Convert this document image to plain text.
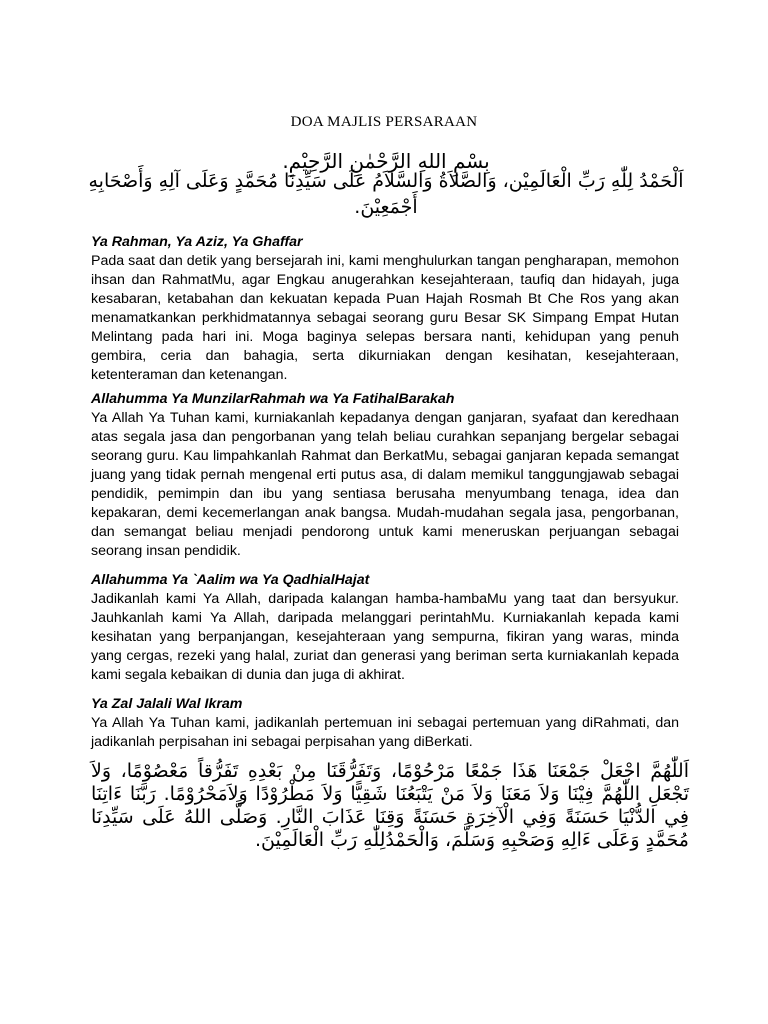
DOA MAJLIS PERSARAAN
بِسْمِ اللهِ الرَّحْمٰنِ الرَّحِيْمِ.
اَلْحَمْدُ لِلّٰهِ رَبِّ الْعَالَمِيْن، وَالصَّلاَةُ وَالسَّلاَمُ عَلَى سَيِّدِنَا مُحَمَّدٍ وَعَلَى آلِهِ وَأَصْحَابِهِ أَجْمَعِيْنَ.
Ya Rahman, Ya Aziz, Ya Ghaffar

Pada saat dan detik yang bersejarah ini, kami menghulurkan tangan pengharapan, memohon ihsan dan RahmatMu, agar Engkau anugerahkan kesejahteraan, taufiq dan hidayah, juga kesabaran, ketabahan dan kekuatan kepada Puan Hajah Rosmah Bt Che Ros yang akan menamatkankan perkhidmatannya sebagai seorang guru Besar SK Simpang Empat Hutan Melintang pada hari ini. Moga baginya selepas bersara nanti, kehidupan yang penuh gembira, ceria dan bahagia, serta dikurniakan dengan kesihatan, kesejahteraan, ketenteraman dan ketenangan.

Allahumma Ya MunzilarRahmah wa Ya FatihalBarakah

Ya Allah Ya Tuhan kami, kurniakanlah kepadanya dengan ganjaran, syafaat dan keredhaan atas segala jasa dan pengorbanan yang telah beliau curahkan sepanjang bergelar sebagai seorang guru. Kau limpahkanlah Rahmat dan BerkatMu, sebagai ganjaran kepada semangat juang yang tidak pernah mengenal erti putus asa, di dalam memikul tanggungjawab sebagai pendidik, pemimpin dan ibu yang sentiasa berusaha menyumbang tenaga, idea dan kepakaran, demi kecemerlangan anak bangsa. Mudah-mudahan segala jasa, pengorbanan, dan semangat beliau menjadi pendorong untuk kami meneruskan perjuangan sebagai seorang insan pendidik.

Allahumma Ya `Aalim wa Ya QadhialHajat

Jadikanlah kami Ya Allah, daripada kalangan hamba-hambaMu yang taat dan bersyukur. Jauhkanlah kami Ya Allah, daripada melanggari perintahMu. Kurniakanlah kepada kami kesihatan yang berpanjangan, kesejahteraan yang sempurna, fikiran yang waras, minda yang cergas, rezeki yang halal, zuriat dan generasi yang beriman serta kurniakanlah kepada kami segala kebaikan di dunia dan juga di akhirat.

Ya Zal Jalali Wal Ikram

Ya Allah Ya Tuhan kami, jadikanlah pertemuan ini sebagai pertemuan yang diRahmati, dan jadikanlah perpisahan ini sebagai perpisahan yang diBerkati.

اَللّٰهُمَّ اجْعَلْ جَمْعَنَا هَذَا جَمْعًا مَرْحُوْمًا، وَتَفَرُّقَنَا مِنْ بَعْدِهِ تَفَرُّقاً مَعْصُوْمًا، وَلاَ تَجْعَلِ اللّٰهُمَّ فِيْنَا وَلاَ مَعَنَا وَلاَ مَنْ يَتْبَعُنَا شَقِيًّا وَلاَ مَطْرُوْدًا وَلاَمَحْرُوْمًا. رَبَّنَا ءَاتِنَا فِي الدُّنْيَا حَسَنَةً وَفِي الْآخِرَةِ حَسَنَةً وَقِنَا عَذَابَ النَّارِ. وَصَلَّى اللهُ عَلَى سَيِّدِنَا مُحَمَّدٍ وَعَلَى ءَالِهِ وَصَحْبِهِ وَسَلَّمَ، وَالْحَمْدُلِلّٰهِ رَبِّ الْعَالَمِيْنَ.
